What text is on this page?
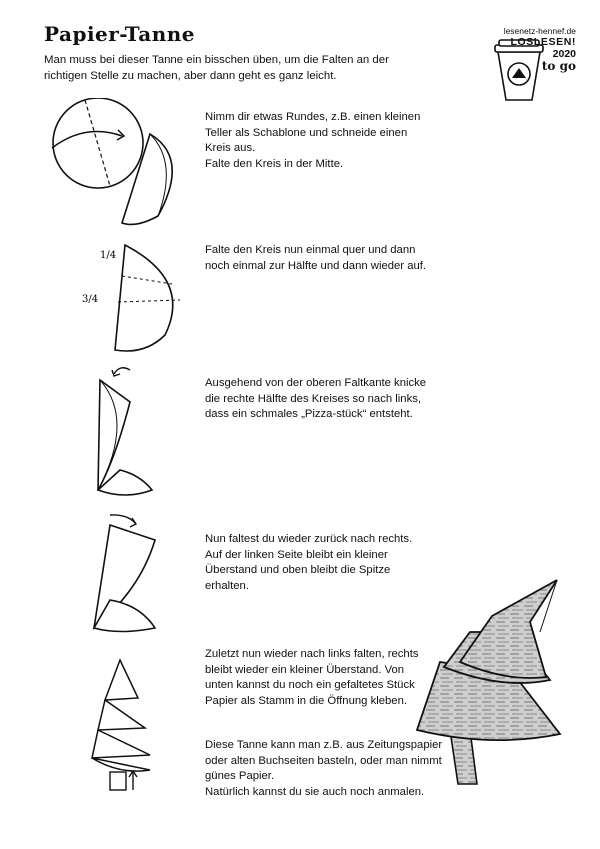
Papier-Tanne

Man muss bei dieser Tanne ein bisschen üben, um die Falten an der richtigen Stelle zu machen, aber dann geht es ganz leicht.

lesenetz-hennef.de
LOSLESEN!
2020
to go

Nimm dir etwas Rundes, z.B. einen kleinen Teller als Schablone und schneide einen Kreis aus.
Falte den Kreis in der Mitte.

Falte den Kreis nun einmal quer und dann noch einmal zur Hälfte und dann wieder auf.

1/4
3/4

Ausgehend von der oberen Faltkante knicke die rechte Hälfte des Kreises so nach links, dass ein schmales „Pizza-stück“ entsteht.

Nun faltest du wieder zurück nach rechts. Auf der linken Seite bleibt ein kleiner Überstand und oben bleibt die Spitze erhalten.

Zuletzt nun wieder nach links falten, rechts bleibt wieder ein kleiner Überstand. Von unten kannst du noch ein gefaltetes Stück Papier als Stamm in die Öffnung kleben.

Diese Tanne kann man z.B. aus Zeitungspapier oder alten Buchseiten basteln, oder man nimmt günes Papier.
Natürlich kannst du sie auch noch anmalen.
